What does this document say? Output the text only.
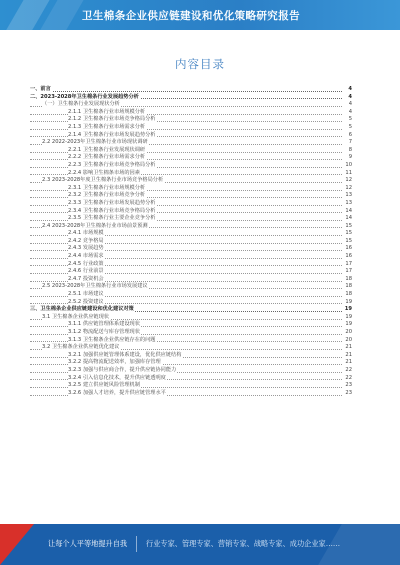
卫生棉条企业供应链建设和优化策略研究报告
内容目录
一、前言	4
二、2023-2028年卫生棉条行业发展趋势分析	4
（一）卫生棉条行业发展现状分析	4
2.1.1 卫生棉条行业市场规模分析	4
2.1.2 卫生棉条行业市场竞争格局分析	5
2.1.3 卫生棉条行业市场需求分析	5
2.1.4 卫生棉条行业市场发展趋势分析	6
2.2 2022-2023年卫生棉条行业市场现状调研	7
2.2.1 卫生棉条行业发展现状调研	8
2.2.2 卫生棉条行业市场需求分析	9
2.2.3 卫生棉条行业市场竞争格局分析	10
2.2.4 影响卫生棉条市场的因素	11
2.3 2023-2028年度卫生棉条行业市场竞争格局分析	12
2.3.1 卫生棉条行业市场规模分析	12
2.3.2 卫生棉条行业市场竞争分析	13
2.3.3 卫生棉条行业市场发展趋势分析	13
2.3.4 卫生棉条行业市场竞争格局分析	14
2.3.5 卫生棉条行业主要企业竞争分析	14
2.4 2023-2028年卫生棉条行业市场前景预测	15
2.4.1 市场规模	15
2.4.2 竞争格局	15
2.4.3 发展趋势	16
2.4.4 市场需求	16
2.4.5 行业政策	17
2.4.6 行业前景	17
2.4.7 投资机会	18
2.5 2023-2028年卫生棉条行业市场发展建议	18
2.5.1 市场建议	18
2.5.2 投资建议	19
三、卫生棉条企业供应链建设和优化建议对策	19
3.1 卫生棉条企业供应链现状	19
3.1.1 供应链管理体系建设现状	19
3.1.2 物流配送与库存管理现状	20
3.1.3 卫生棉条企业供应链存在的问题	20
3.2 卫生棉条企业供应链优化建议	21
3.2.1 加强供应链管理体系建设，优化供应链结构	21
3.2.2 提高物流配送效率，加强库存管理	21
3.2.3 加强与供应商合作，提升供应链协同能力	22
3.2.4 引入信息化技术，提升供应链透明度	22
3.2.5 建立供应链风险管理机制	23
3.2.6 加强人才培养，提升供应链管理水平	23
让每个人平等地提升自我	行业专家、管理专家、营销专家、战略专家、成功企业家……
